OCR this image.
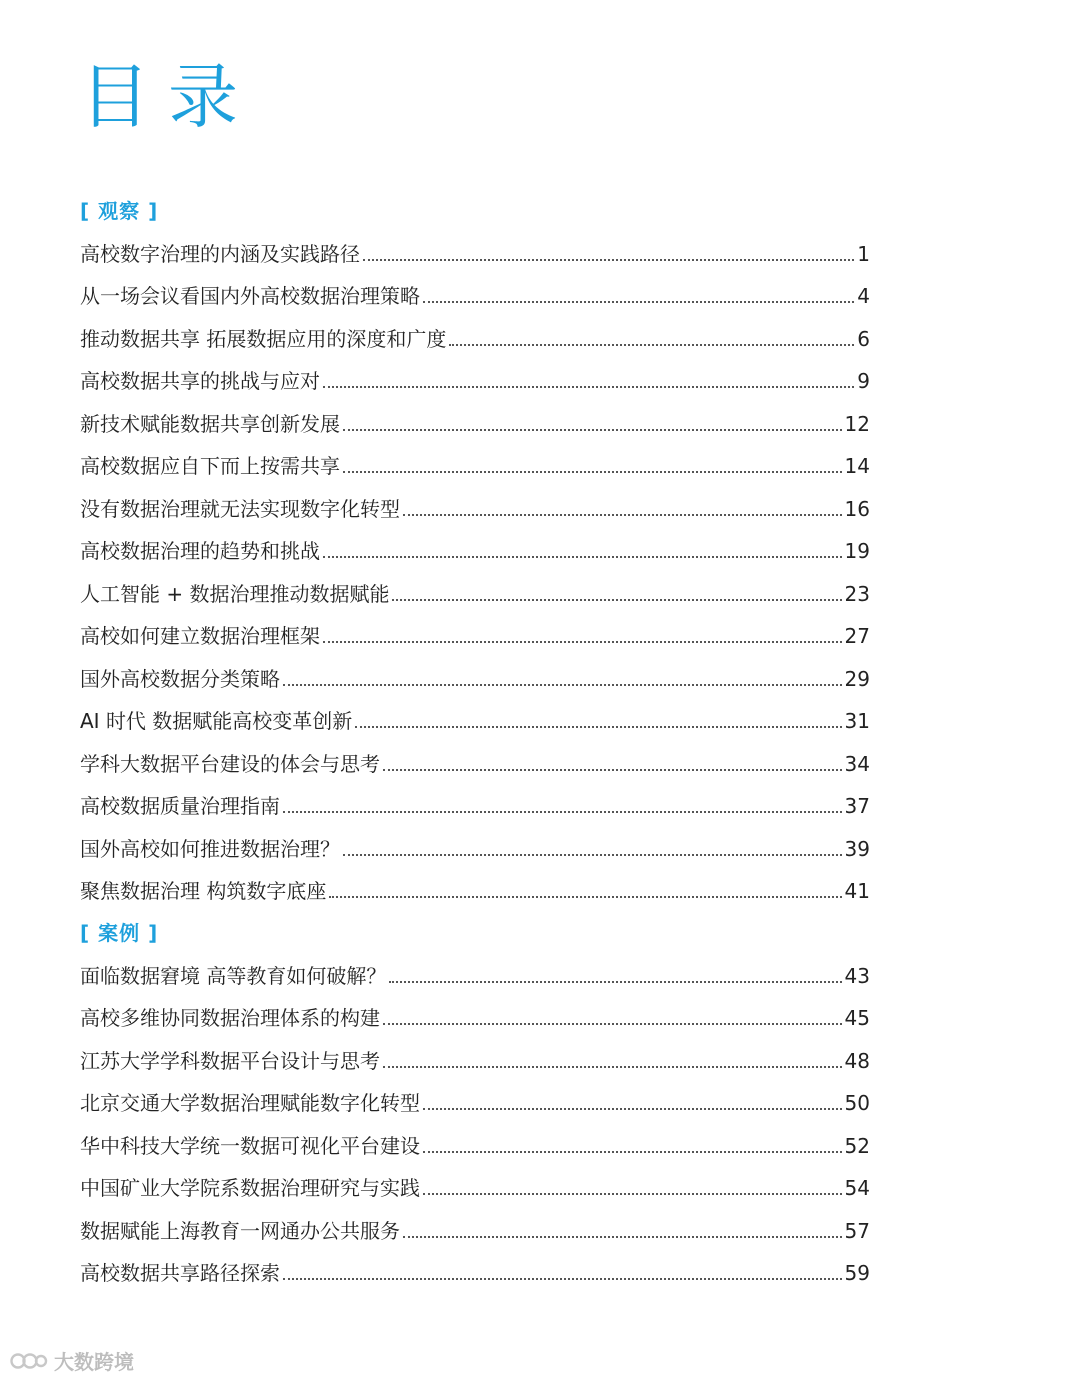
目录
[ 观察 ]
高校数字治理的内涵及实践路径	1
从一场会议看国内外高校数据治理策略	4
推动数据共享 拓展数据应用的深度和广度	6
高校数据共享的挑战与应对	9
新技术赋能数据共享创新发展	12
高校数据应自下而上按需共享	14
没有数据治理就无法实现数字化转型	16
高校数据治理的趋势和挑战	19
人工智能 + 数据治理推动数据赋能	23
高校如何建立数据治理框架	27
国外高校数据分类策略	29
AI 时代 数据赋能高校变革创新	31
学科大数据平台建设的体会与思考	34
高校数据质量治理指南	37
国外高校如何推进数据治理？	39
聚焦数据治理 构筑数字底座	41
[ 案例 ]
面临数据窘境 高等教育如何破解？	43
高校多维协同数据治理体系的构建	45
江苏大学学科数据平台设计与思考	48
北京交通大学数据治理赋能数字化转型	50
华中科技大学统一数据可视化平台建设	52
中国矿业大学院系数据治理研究与实践	54
数据赋能上海教育一网通办公共服务	57
高校数据共享路径探索	59
大数跨境
